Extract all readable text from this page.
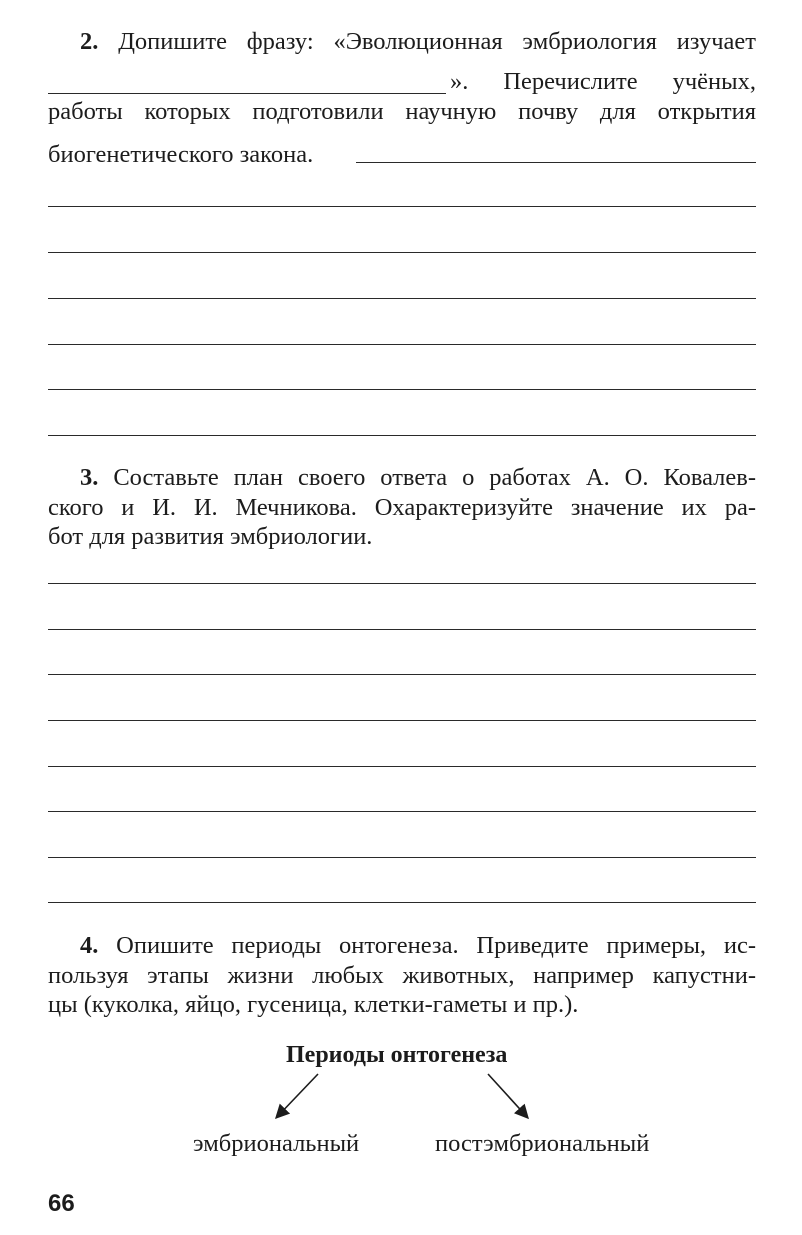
2. Допишите фразу: «Эволюционная эмбриология изучает
». Перечислите учёных,
работы которых подготовили научную почву для открытия
биогенетического закона.
3. Составьте план своего ответа о работах А. О. Ковалев-
ского и И. И. Мечникова. Охарактеризуйте значение их ра-
бот для развития эмбриологии.
4. Опишите периоды онтогенеза. Приведите примеры, ис-
пользуя этапы жизни любых животных, например капустни-
цы (куколка, яйцо, гусеница, клетки-гаметы и пр.).
Периоды онтогенеза
эмбриональный	постэмбриональный
66
